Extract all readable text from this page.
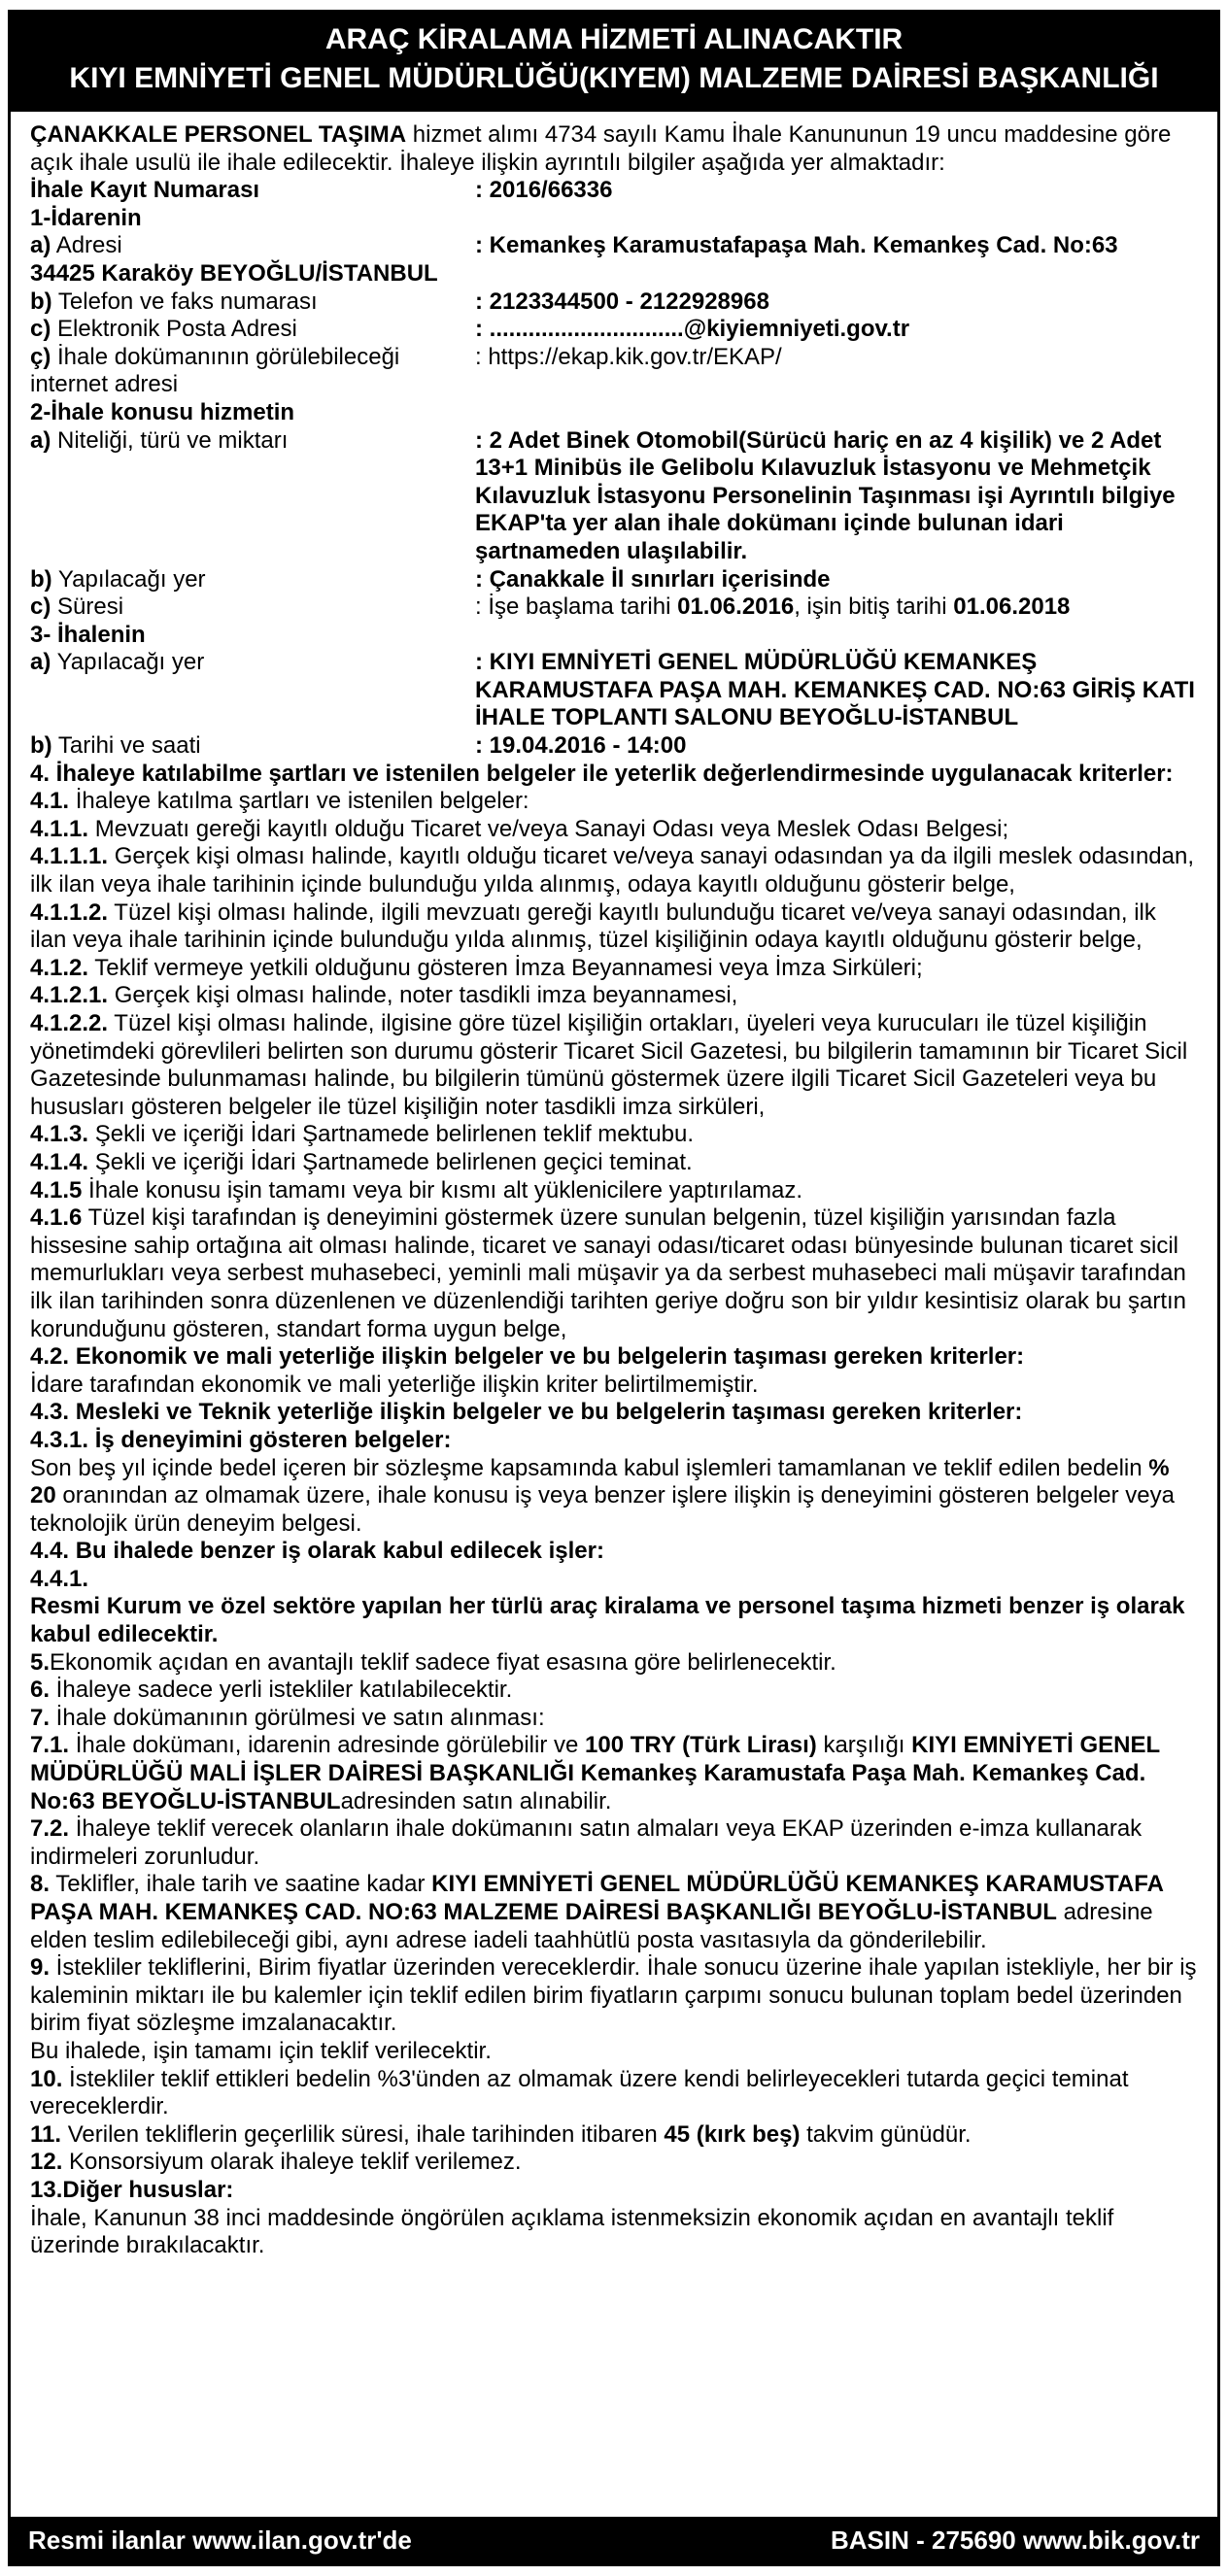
ARAÇ KİRALAMA HİZMETİ ALINACAKTIR
KIYI EMNİYETİ GENEL MÜDÜRLÜĞÜ(KIYEM) MALZEME DAİRESİ BAŞKANLIĞI

ÇANAKKALE PERSONEL TAŞIMA hizmet alımı 4734 sayılı Kamu İhale Kanununun 19 uncu maddesine göre açık ihale usulü ile ihale edilecektir. İhaleye ilişkin ayrıntılı bilgiler aşağıda yer almaktadır:

İhale Kayıt Numarası	: 2016/66336

1-İdarenin

a) Adresi	: Kemankeş Karamustafapaşa Mah. Kemankeş Cad. No:63

34425 Karaköy BEYOĞLU/İSTANBUL

b) Telefon ve faks numarası	: 2123344500 - 2122928968
c) Elektronik Posta Adresi	: ..............................@kiyiemniyeti.gov.tr
ç) İhale dokümanının görülebileceği internet adresi
: https://ekap.kik.gov.tr/EKAP/

2-İhale konusu hizmetin

a) Niteliği, türü ve miktarı	: 2 Adet Binek Otomobil(Sürücü hariç en az 4 kişilik) ve 2 Adet 13+1 Minibüs ile Gelibolu Kılavuzluk İstasyonu ve Mehmetçik Kılavuzluk İstasyonu Personelinin Taşınması işi Ayrıntılı bilgiye EKAP'ta yer alan ihale dokümanı içinde bulunan idari şartnameden ulaşılabilir.
b) Yapılacağı yer	: Çanakkale İl sınırları içerisinde
c) Süresi	: İşe başlama tarihi 01.06.2016, işin bitiş tarihi 01.06.2018

3- İhalenin

a) Yapılacağı yer	: KIYI EMNİYETİ GENEL MÜDÜRLÜĞÜ KEMANKEŞ KARAMUSTAFA PAŞA MAH. KEMANKEŞ CAD. NO:63 GİRİŞ KATI İHALE TOPLANTI SALONU BEYOĞLU-İSTANBUL
b) Tarihi ve saati	: 19.04.2016 - 14:00

4. İhaleye katılabilme şartları ve istenilen belgeler ile yeterlik değerlendirmesinde uygulanacak kriterler:

4.1. İhaleye katılma şartları ve istenilen belgeler:

4.1.1. Mevzuatı gereği kayıtlı olduğu Ticaret ve/veya Sanayi Odası veya Meslek Odası Belgesi;

4.1.1.1. Gerçek kişi olması halinde, kayıtlı olduğu ticaret ve/veya sanayi odasından ya da ilgili meslek odasından, ilk ilan veya ihale tarihinin içinde bulunduğu yılda alınmış, odaya kayıtlı olduğunu gösterir belge,

4.1.1.2. Tüzel kişi olması halinde, ilgili mevzuatı gereği kayıtlı bulunduğu ticaret ve/veya sanayi odasından, ilk ilan veya ihale tarihinin içinde bulunduğu yılda alınmış, tüzel kişiliğinin odaya kayıtlı olduğunu gösterir belge,

4.1.2. Teklif vermeye yetkili olduğunu gösteren İmza Beyannamesi veya İmza Sirküleri;

4.1.2.1. Gerçek kişi olması halinde, noter tasdikli imza beyannamesi,

4.1.2.2. Tüzel kişi olması halinde, ilgisine göre tüzel kişiliğin ortakları, üyeleri veya kurucuları ile tüzel kişiliğin yönetimdeki görevlileri belirten son durumu gösterir Ticaret Sicil Gazetesi, bu bilgilerin tamamının bir Ticaret Sicil Gazetesinde bulunmaması halinde, bu bilgilerin tümünü göstermek üzere ilgili Ticaret Sicil Gazeteleri veya bu hususları gösteren belgeler ile tüzel kişiliğin noter tasdikli imza sirküleri,

4.1.3. Şekli ve içeriği İdari Şartnamede belirlenen teklif mektubu.

4.1.4. Şekli ve içeriği İdari Şartnamede belirlenen geçici teminat.

4.1.5 İhale konusu işin tamamı veya bir kısmı alt yüklenicilere yaptırılamaz.

4.1.6 Tüzel kişi tarafından iş deneyimini göstermek üzere sunulan belgenin, tüzel kişiliğin yarısından fazla hissesine sahip ortağına ait olması halinde, ticaret ve sanayi odası/ticaret odası bünyesinde bulunan ticaret sicil memurlukları veya serbest muhasebeci, yeminli mali müşavir ya da serbest muhasebeci mali müşavir tarafından ilk ilan tarihinden sonra düzenlenen ve düzenlendiği tarihten geriye doğru son bir yıldır kesintisiz olarak bu şartın korunduğunu gösteren, standart forma uygun belge,

4.2. Ekonomik ve mali yeterliğe ilişkin belgeler ve bu belgelerin taşıması gereken kriterler:

İdare tarafından ekonomik ve mali yeterliğe ilişkin kriter belirtilmemiştir.

4.3. Mesleki ve Teknik yeterliğe ilişkin belgeler ve bu belgelerin taşıması gereken kriterler:

4.3.1. İş deneyimini gösteren belgeler:

Son beş yıl içinde bedel içeren bir sözleşme kapsamında kabul işlemleri tamamlanan ve teklif edilen bedelin % 20 oranından az olmamak üzere, ihale konusu iş veya benzer işlere ilişkin iş deneyimini gösteren belgeler veya teknolojik ürün deneyim belgesi.

4.4. Bu ihalede benzer iş olarak kabul edilecek işler:

4.4.1.

Resmi Kurum ve özel sektöre yapılan her türlü araç kiralama ve personel taşıma hizmeti benzer iş olarak kabul edilecektir.

5.Ekonomik açıdan en avantajlı teklif sadece fiyat esasına göre belirlenecektir.

6. İhaleye sadece yerli istekliler katılabilecektir.

7. İhale dokümanının görülmesi ve satın alınması:

7.1. İhale dokümanı, idarenin adresinde görülebilir ve 100 TRY (Türk Lirası) karşılığı KIYI EMNİYETİ GENEL MÜDÜRLÜĞÜ MALİ İŞLER DAİRESİ BAŞKANLIĞI Kemankeş Karamustafa Paşa Mah. Kemankeş Cad. No:63 BEYOĞLU-İSTANBULadresinden satın alınabilir.

7.2. İhaleye teklif verecek olanların ihale dokümanını satın almaları veya EKAP üzerinden e-imza kullanarak indirmeleri zorunludur.

8. Teklifler, ihale tarih ve saatine kadar KIYI EMNİYETİ GENEL MÜDÜRLÜĞÜ KEMANKEŞ KARAMUSTAFA PAŞA MAH. KEMANKEŞ CAD. NO:63 MALZEME DAİRESİ BAŞKANLIĞI BEYOĞLU-İSTANBUL adresine elden teslim edilebileceği gibi, aynı adrese iadeli taahhütlü posta vasıtasıyla da gönderilebilir.

9. İstekliler tekliflerini, Birim fiyatlar üzerinden vereceklerdir. İhale sonucu üzerine ihale yapılan istekliyle, her bir iş kaleminin miktarı ile bu kalemler için teklif edilen birim fiyatların çarpımı sonucu bulunan toplam bedel üzerinden birim fiyat sözleşme imzalanacaktır.

Bu ihalede, işin tamamı için teklif verilecektir.

10. İstekliler teklif ettikleri bedelin %3'ünden az olmamak üzere kendi belirleyecekleri tutarda geçici teminat vereceklerdir.

11. Verilen tekliflerin geçerlilik süresi, ihale tarihinden itibaren 45 (kırk beş) takvim günüdür.

12. Konsorsiyum olarak ihaleye teklif verilemez.

13.Diğer hususlar:

İhale, Kanunun 38 inci maddesinde öngörülen açıklama istenmeksizin ekonomik açıdan en avantajlı teklif üzerinde bırakılacaktır.

Resmi ilanlar www.ilan.gov.tr'de	BASIN - 275690 www.bik.gov.tr
